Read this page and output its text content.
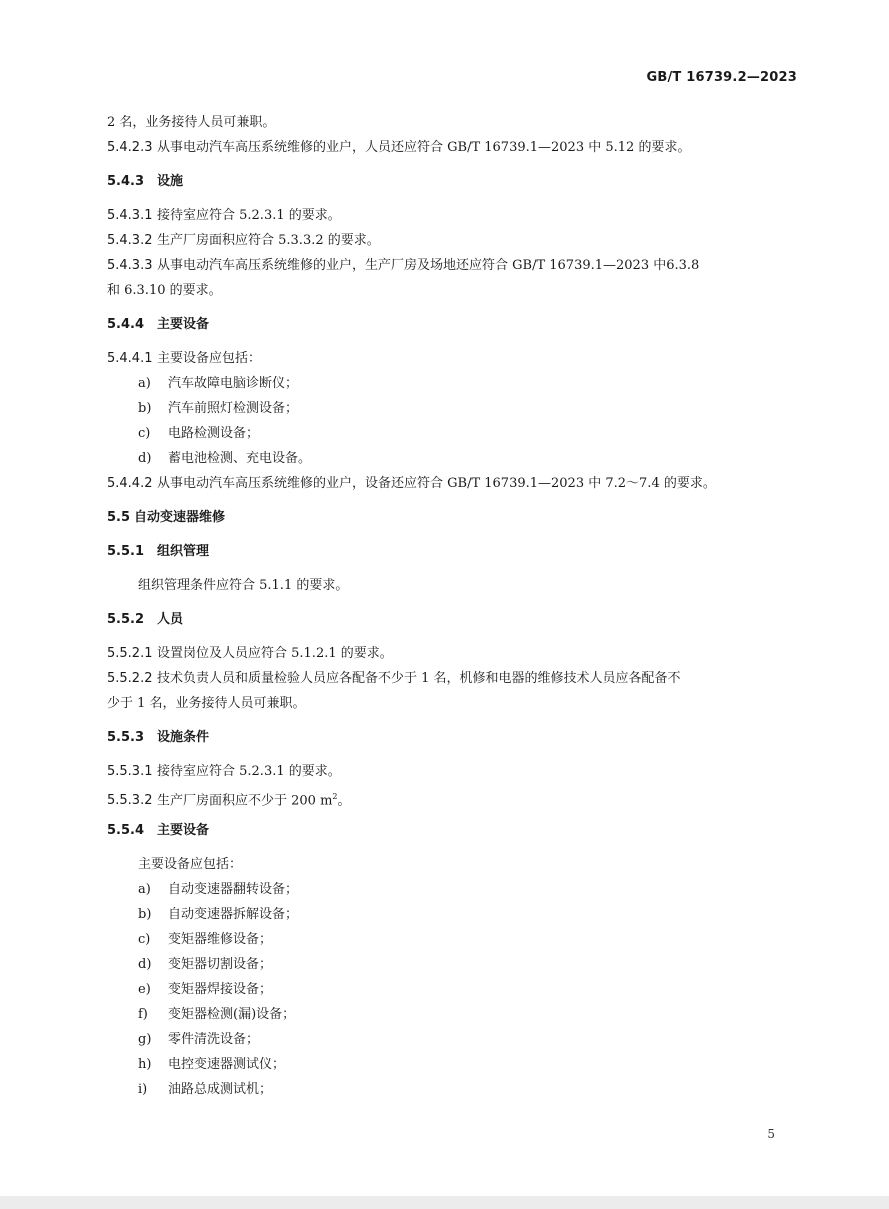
GB/T 16739.2—2023
2 名，业务接待人员可兼职。
5.4.2.3 从事电动汽车高压系统维修的业户，人员还应符合 GB/T 16739.1—2023 中 5.12 的要求。
5.4.3 设施
5.4.3.1 接待室应符合 5.2.3.1 的要求。
5.4.3.2 生产厂房面积应符合 5.3.3.2 的要求。
5.4.3.3 从事电动汽车高压系统维修的业户，生产厂房及场地还应符合 GB/T 16739.1—2023 中6.3.8
和 6.3.10 的要求。
5.4.4 主要设备
5.4.4.1 主要设备应包括：
a) 汽车故障电脑诊断仪；
b) 汽车前照灯检测设备；
c) 电路检测设备；
d) 蓄电池检测、充电设备。
5.4.4.2 从事电动汽车高压系统维修的业户，设备还应符合 GB/T 16739.1—2023 中 7.2～7.4 的要求。
5.5 自动变速器维修
5.5.1 组织管理
组织管理条件应符合 5.1.1 的要求。
5.5.2 人员
5.5.2.1 设置岗位及人员应符合 5.1.2.1 的要求。
5.5.2.2 技术负责人员和质量检验人员应各配备不少于 1 名，机修和电器的维修技术人员应各配备不
少于 1 名，业务接待人员可兼职。
5.5.3 设施条件
5.5.3.1 接待室应符合 5.2.3.1 的要求。
5.5.3.2 生产厂房面积应不少于 200 $m^2$。
5.5.4 主要设备
主要设备应包括：
a) 自动变速器翻转设备；
b) 自动变速器拆解设备；
c) 变矩器维修设备；
d) 变矩器切割设备；
e) 变矩器焊接设备；
f) 变矩器检测(漏)设备；
g) 零件清洗设备；
h) 电控变速器测试仪；
i) 油路总成测试机；
5
